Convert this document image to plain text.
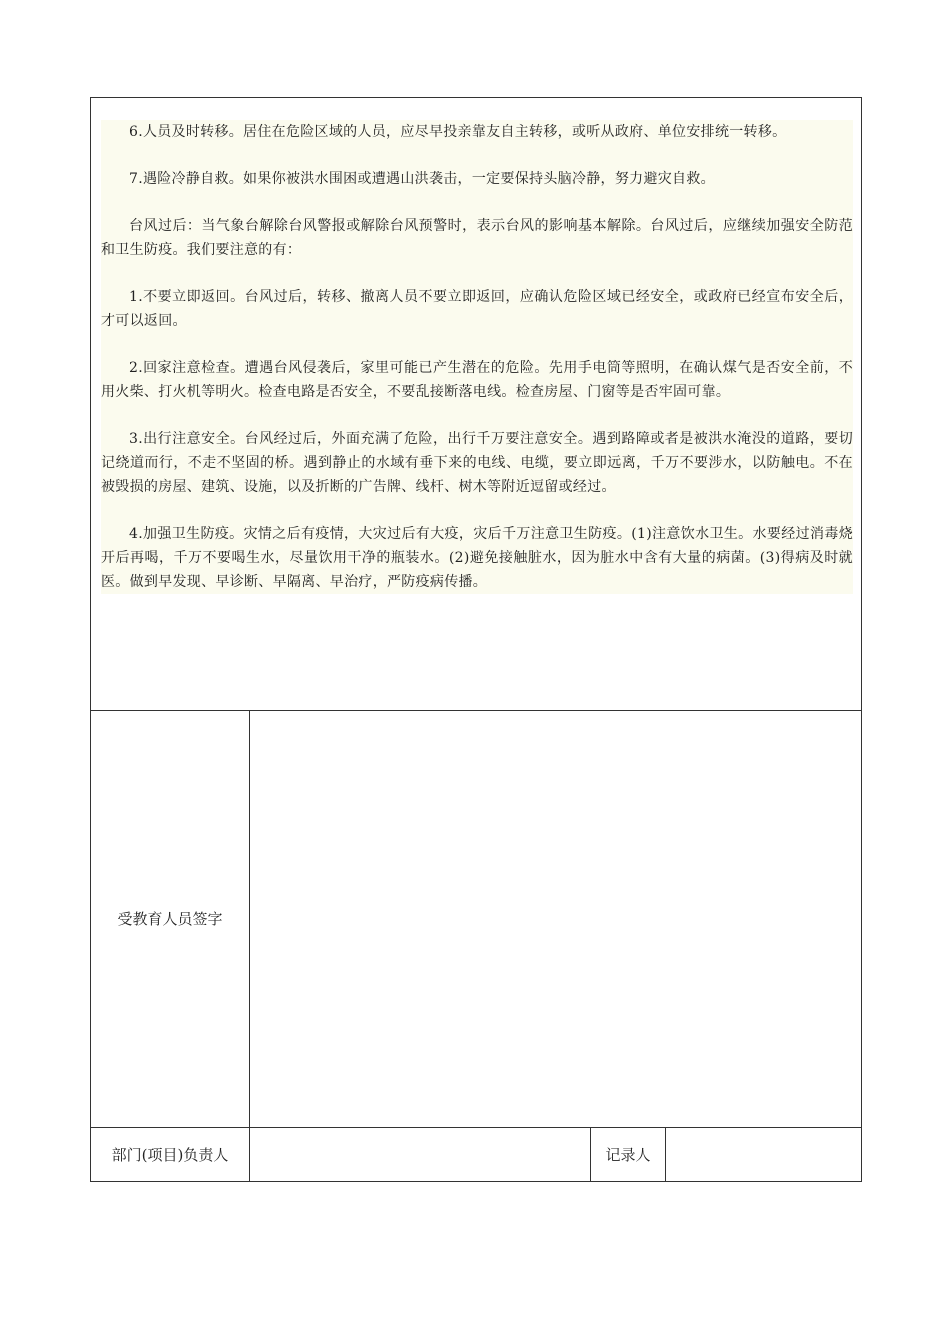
6.人员及时转移。居住在危险区域的人员，应尽早投亲靠友自主转移，或听从政府、单位安排统一转移。

7.遇险冷静自救。如果你被洪水围困或遭遇山洪袭击，一定要保持头脑冷静，努力避灾自救。

台风过后：当气象台解除台风警报或解除台风预警时，表示台风的影响基本解除。台风过后，应继续加强安全防范和卫生防疫。我们要注意的有：

1.不要立即返回。台风过后，转移、撤离人员不要立即返回，应确认危险区域已经安全，或政府已经宣布安全后，才可以返回。

2.回家注意检查。遭遇台风侵袭后，家里可能已产生潜在的危险。先用手电筒等照明，在确认煤气是否安全前，不用火柴、打火机等明火。检查电路是否安全，不要乱接断落电线。检查房屋、门窗等是否牢固可靠。

3.出行注意安全。台风经过后，外面充满了危险，出行千万要注意安全。遇到路障或者是被洪水淹没的道路，要切记绕道而行，不走不坚固的桥。遇到静止的水域有垂下来的电线、电缆，要立即远离，千万不要涉水，以防触电。不在被毁损的房屋、建筑、设施，以及折断的广告牌、线杆、树木等附近逗留或经过。

4.加强卫生防疫。灾情之后有疫情，大灾过后有大疫，灾后千万注意卫生防疫。(1)注意饮水卫生。水要经过消毒烧开后再喝，千万不要喝生水，尽量饮用干净的瓶装水。(2)避免接触脏水，因为脏水中含有大量的病菌。(3)得病及时就医。做到早发现、早诊断、早隔离、早治疗，严防疫病传播。

受教育人员签字
部门(项目)负责人	记录人
